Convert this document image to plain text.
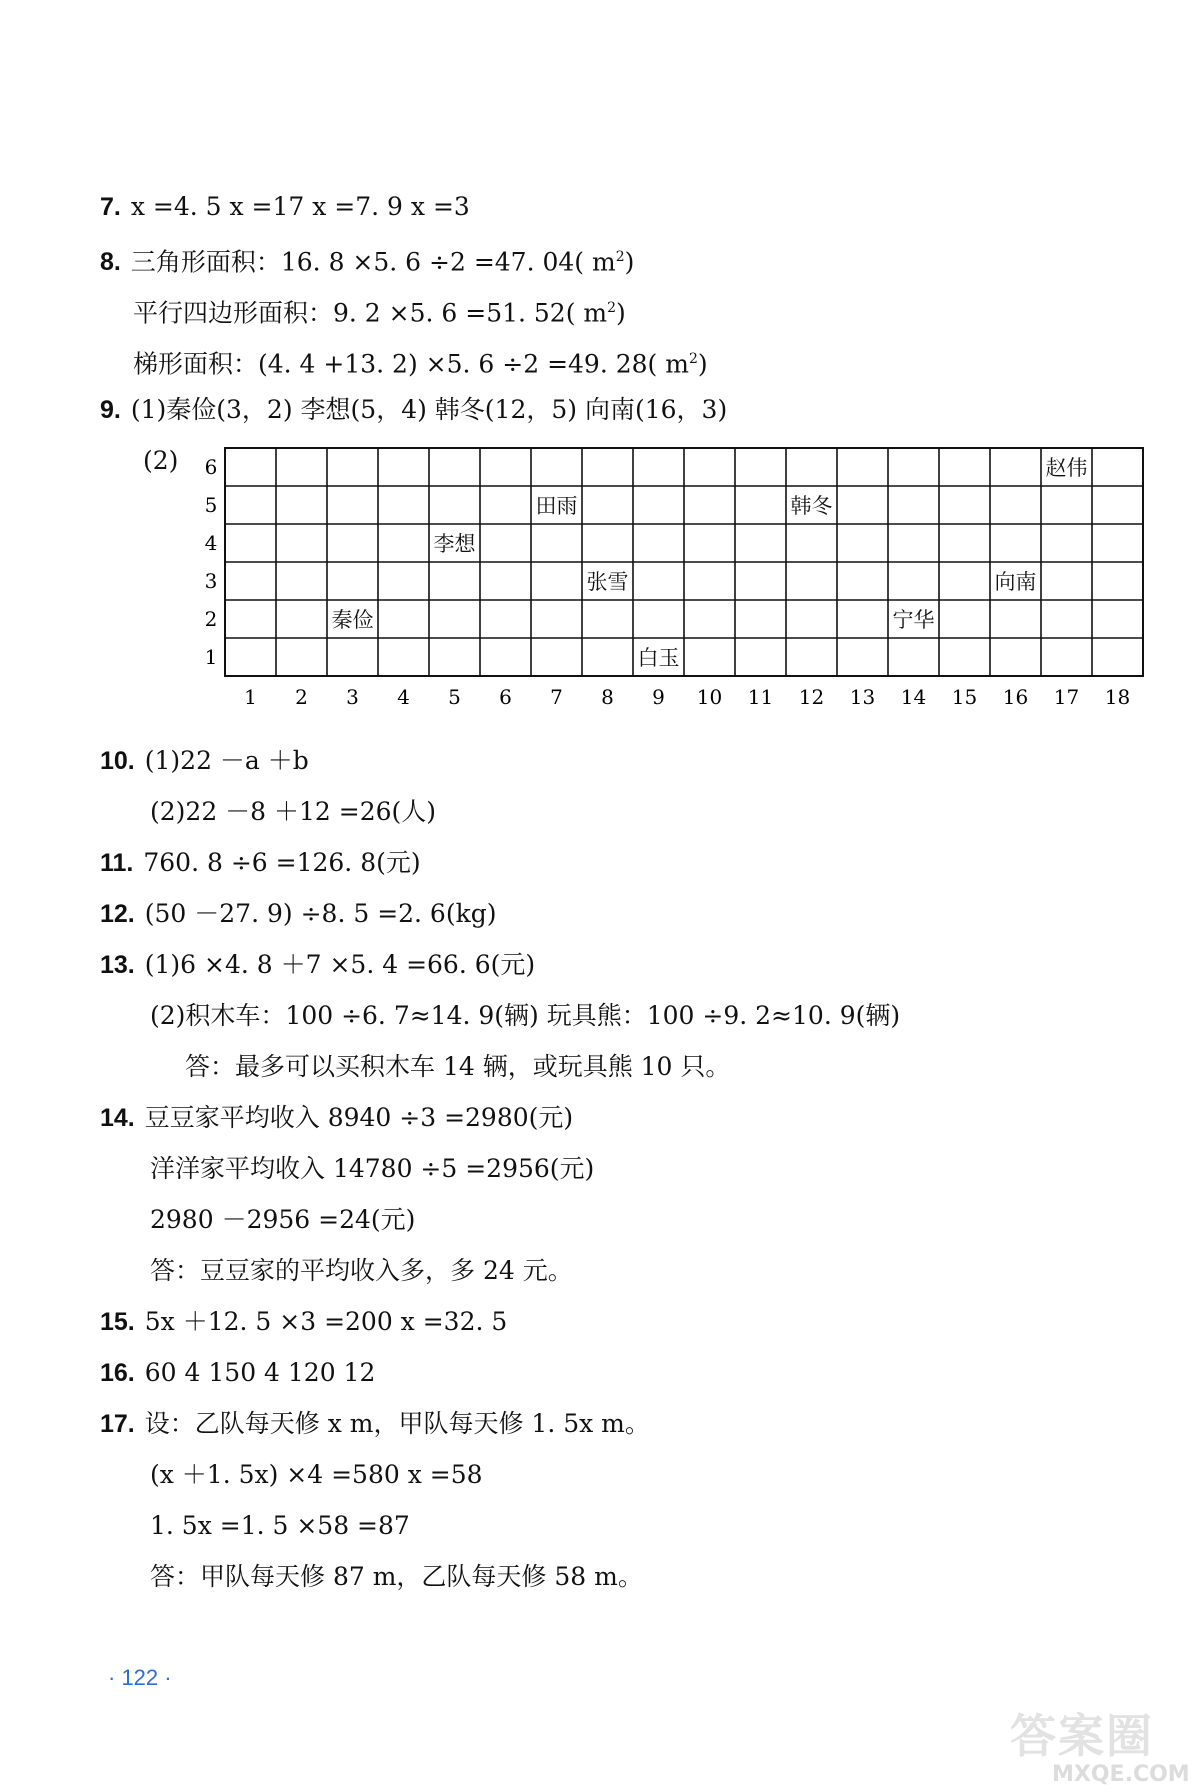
7. x =4. 5 x =17 x =7. 9 x =3
8. 三角形面积：16. 8 ×5. 6 ÷2 =47. 04( $m^2$)
平行四边形面积：9. 2 ×5. 6 =51. 52( $m^2$)
梯形面积：(4. 4 +13. 2) ×5. 6 ÷2 =49. 28( $m^2$)
9. (1)秦俭(3，2) 李想(5，4) 韩冬(12，5) 向南(16，3)
(2)
10. (1)22 －a ＋b
(2)22 －8 ＋12 =26(人)
11. 760. 8 ÷6 =126. 8(元)
12. (50 －27. 9) ÷8. 5 =2. 6(kg)
13. (1)6 ×4. 8 ＋7 ×5. 4 =66. 6(元)
(2)积木车：100 ÷6. 7≈14. 9(辆) 玩具熊：100 ÷9. 2≈10. 9(辆)
答：最多可以买积木车 14 辆，或玩具熊 10 只。
14. 豆豆家平均收入 8940 ÷3 =2980(元)
洋洋家平均收入 14780 ÷5 =2956(元)
2980 －2956 =24(元)
答：豆豆家的平均收入多，多 24 元。
15. 5x ＋12. 5 ×3 =200 x =32. 5
16. 60 4 150 4 120 12
17. 设：乙队每天修 x m，甲队每天修 1. 5x m。
(x ＋1. 5x) ×4 =580 x =58
1. 5x =1. 5 ×58 =87
答：甲队每天修 87 m，乙队每天修 58 m。
1 2 3 4 5 6 7 8 9 10 11 12 13 14 15 16 17 18
1
2
3
4
5
6
秦俭
李想
田雨
张雪
白玉
韩冬
宁华
向南
赵伟
· 122 ·
答案圈
MXQE.COM
